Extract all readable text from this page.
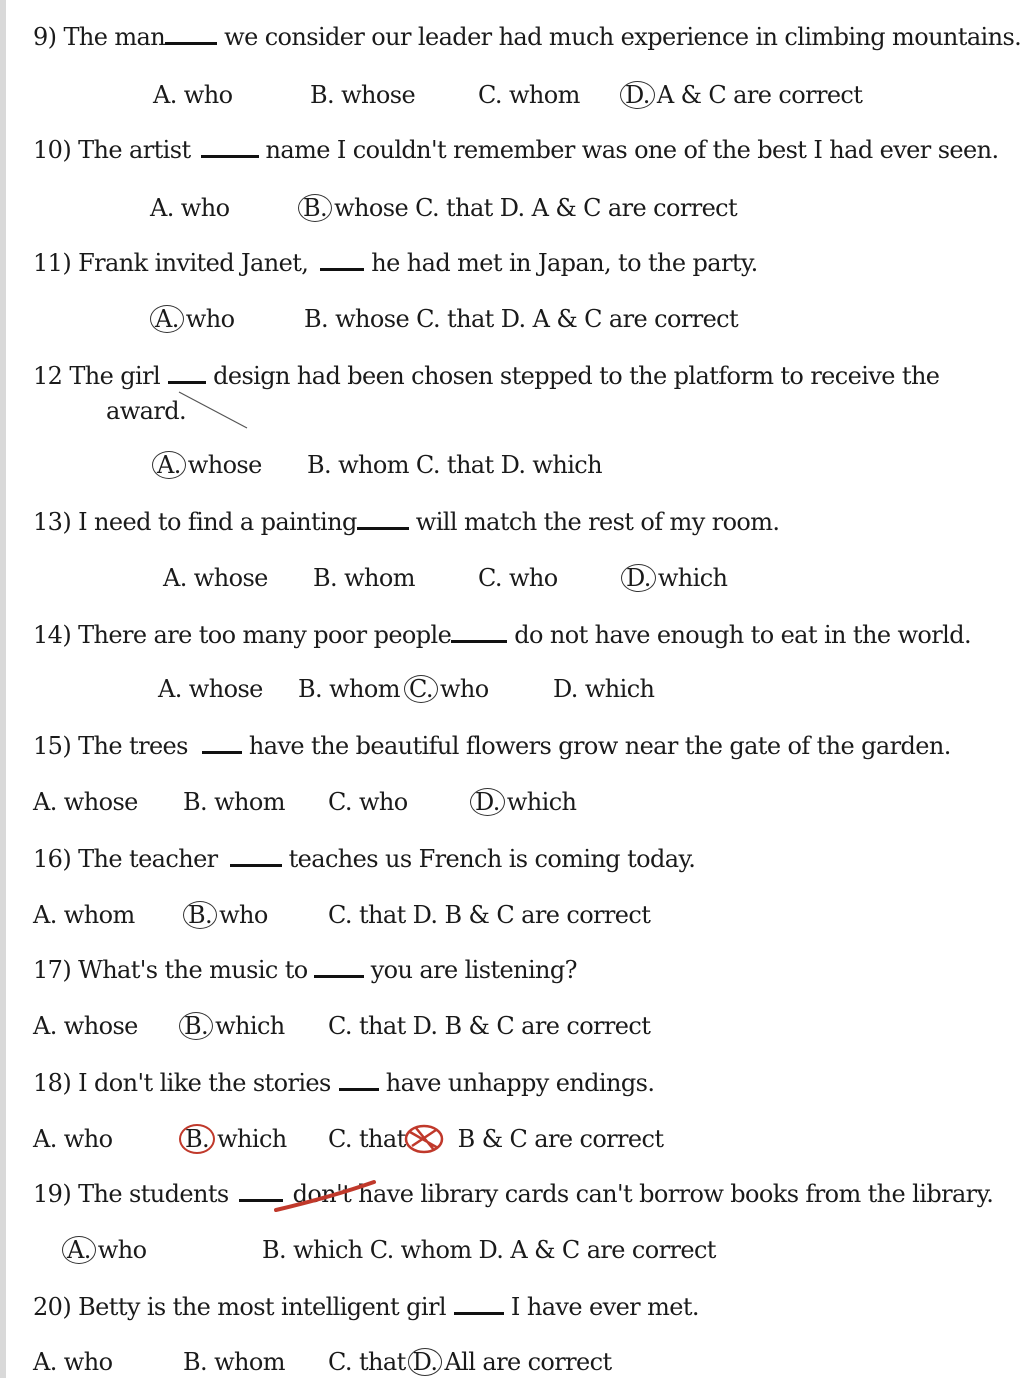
9) The man we consider our leader had much experience in climbing mountains.
A. who	B. whose	C. whom D. A & C are correct
10) The artist	name I couldn't remember was one of the best I had ever seen.
A. who	B. whose C. that D. A & C are correct
11) Frank invited Janet, he had met in Japan, to the party.
A. who	B. whose C. that D. A & C are correct
12 The girl design had been chosen stepped to the platform to receive the
award.
A. whose B. whom C. that D. which
13) I need to find a painting will match the rest of my room.
A. whose B. whom	C. who	D. which
14) There are too many poor people do not have enough to eat in the world.
A. whose B. whom C. who	D. which
15) The trees have the beautiful flowers grow near the gate of the garden.
A. whose B. whom C. who	D. which
16) The teacher	teaches us French is coming today.
A. whom B. who	C. that D. B & C are correct
17) What's the music to you are listening?
A. whose B. which C. that D. B & C are correct
18) I don't like the stories have unhappy endings.
A. who	B. which C. that B & C are correct
19) The students	don't have library cards can't borrow books from the library.
A. who	B. which C. whom D. A & C are correct
20) Betty is the most intelligent girl I have ever met.
A. who	B. whom C. that D. All are correct
